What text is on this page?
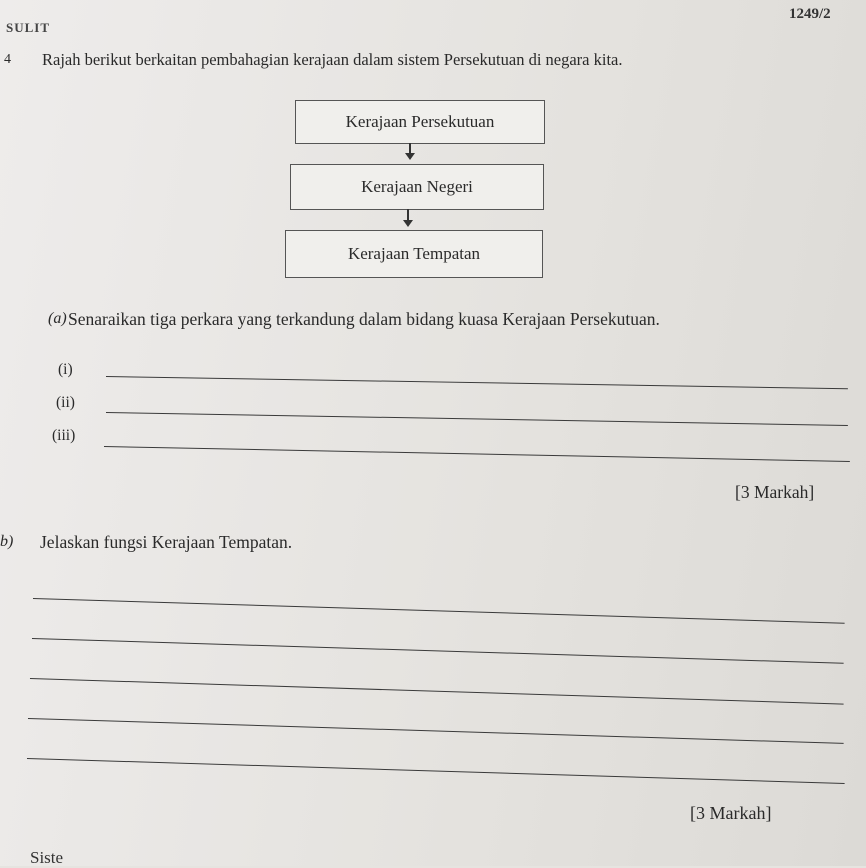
SULIT
1249/2
4 Rajah berikut berkaitan pembahagian kerajaan dalam sistem Persekutuan di negara kita.
Kerajaan Persekutuan
Kerajaan Negeri
Kerajaan Tempatan
(a) Senaraikan tiga perkara yang terkandung dalam bidang kuasa Kerajaan Persekutuan.
(i)
(ii)
(iii)
[3 Markah]
b) Jelaskan fungsi Kerajaan Tempatan.
[3 Markah]
Siste
